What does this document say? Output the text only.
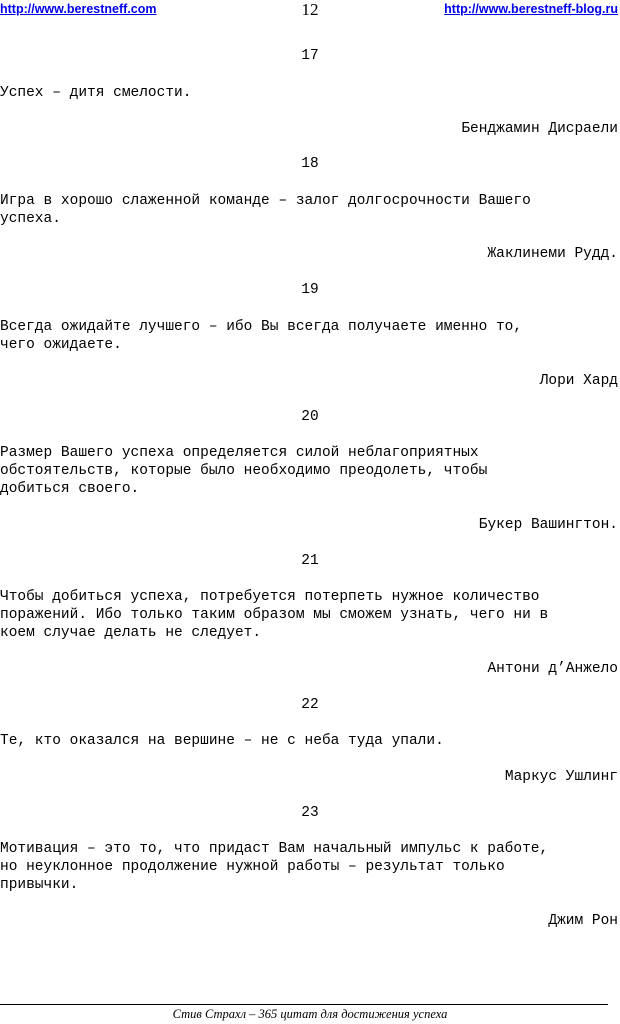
http://www.berestneff.com	12	http://www.berestneff-blog.ru
17
Успех – дитя смелости.
Бенджамин Дисраели
18
Игра в хорошо слаженной команде – залог долгосрочности Вашего
успеха.
Жаклинеми Рудд.
19
Всегда ожидайте лучшего – ибо Вы всегда получаете именно то,
чего ожидаете.
Лори Хард
20
Размер Вашего успеха определяется силой неблагоприятных
обстоятельств, которые было необходимо преодолеть, чтобы
добиться своего.
Букер Вашингтон.
21
Чтобы добиться успеха, потребуется потерпеть нужное количество
поражений. Ибо только таким образом мы сможем узнать, чего ни в
коем случае делать не следует.
Антони д’Анжело
22
Те, кто оказался на вершине – не с неба туда упали.
Маркус Ушлинг
23
Мотивация – это то, что придаст Вам начальный импульс к работе,
но неуклонное продолжение нужной работы – результат только
привычки.
Джим Рон
Стив Страхл – 365 цитат для достижения успеха
